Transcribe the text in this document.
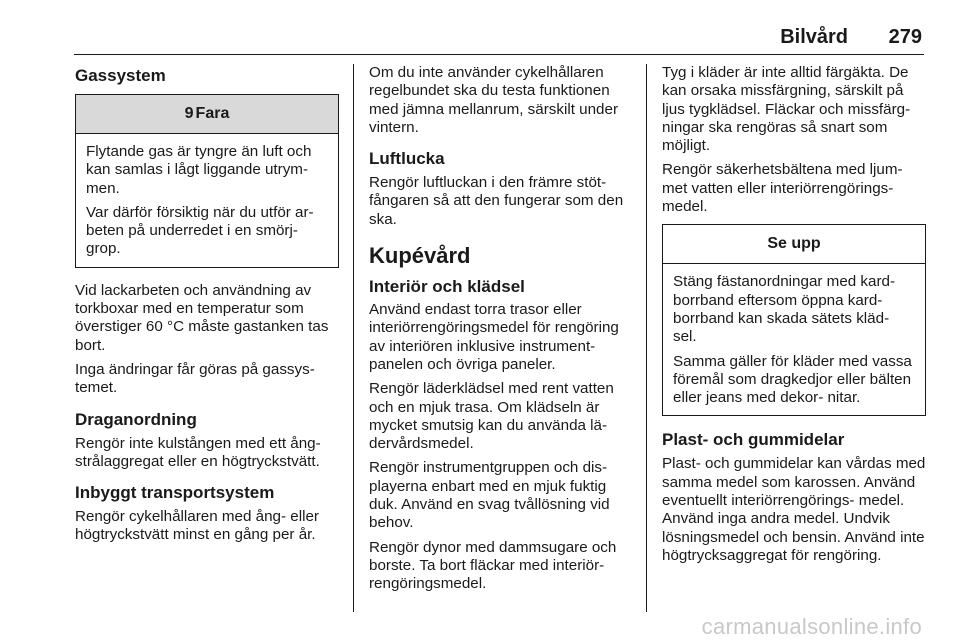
Bilvård 279
Gassystem
9 Fara

Flytande gas är tyngre än luft och kan samlas i lågt liggande utrym‐ men.

Var därför försiktig när du utför ar‐ beten på underredet i en smörj‐ grop.

Vid lackarbeten och användning av torkboxar med en temperatur som överstiger 60 °C måste gastanken tas bort.

Inga ändringar får göras på gassys‐ temet.

Draganordning

Rengör inte kulstången med ett ång‐ strålaggregat eller en högtryckstvätt.

Inbyggt transportsystem

Rengör cykelhållaren med ång- eller högtryckstvätt minst en gång per år.

Om du inte använder cykelhållaren regelbundet ska du testa funktionen med jämna mellanrum, särskilt under vintern.

Luftlucka

Rengör luftluckan i den främre stöt‐ fångaren så att den fungerar som den ska.

Kupévård
Interiör och klädsel

Använd endast torra trasor eller interiörrengöringsmedel för rengöring av interiören inklusive instrument‐ panelen och övriga paneler.

Rengör läderklädsel med rent vatten och en mjuk trasa. Om klädseln är mycket smutsig kan du använda lä‐ dervårdsmedel.

Rengör instrumentgruppen och dis‐ playerna enbart med en mjuk fuktig duk. Använd en svag tvållösning vid behov.

Rengör dynor med dammsugare och borste. Ta bort fläckar med interiör‐ rengöringsmedel.

Tyg i kläder är inte alltid färgäkta. De kan orsaka missfärgning, särskilt på ljus tygklädsel. Fläckar och missfärg‐ ningar ska rengöras så snart som möjligt.

Rengör säkerhetsbältena med ljum‐ met vatten eller interiörrengörings‐ medel.

Se upp

Stäng fästanordningar med kard‐ borrband eftersom öppna kard‐ borrband kan skada sätets kläd‐ sel.

Samma gäller för kläder med vassa föremål som dragkedjor eller bälten eller jeans med dekor‐ nitar.

Plast- och gummidelar

Plast- och gummidelar kan vårdas med samma medel som karossen. Använd eventuellt interiörrengörings‐ medel. Använd inga andra medel. Undvik lösningsmedel och bensin. Använd inte högtrycksaggregat för rengöring.

carmanualsonline.info
